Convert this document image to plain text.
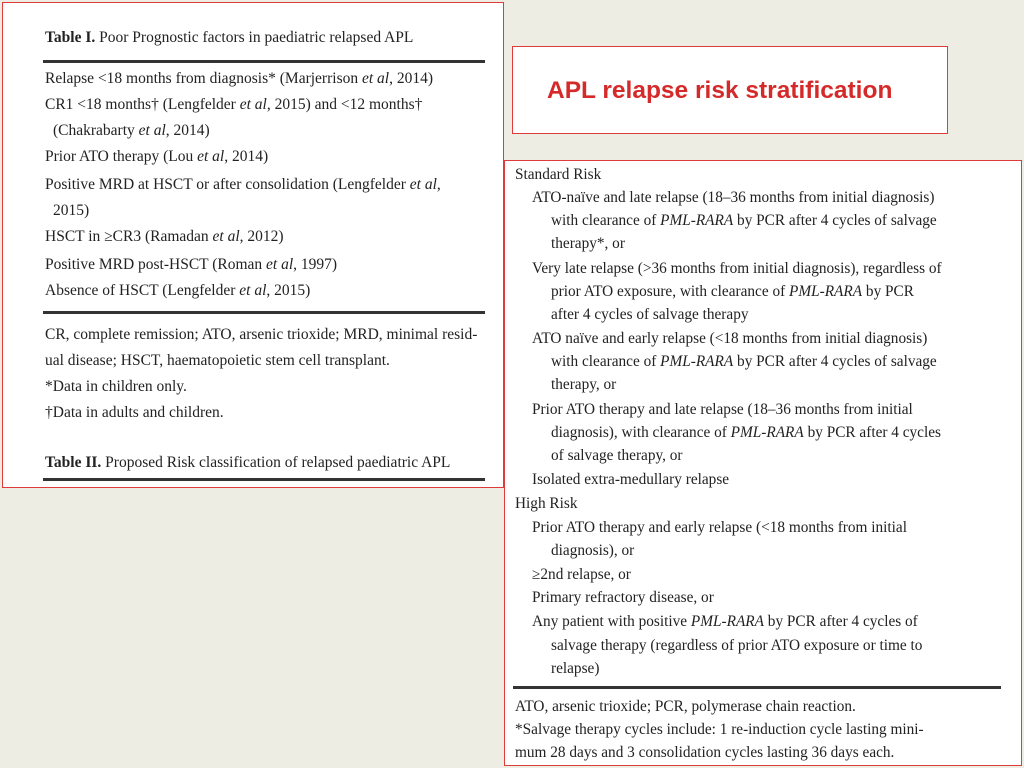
Table I. Poor Prognostic factors in paediatric relapsed APL
Relapse <18 months from diagnosis* (Marjerrison et al, 2014)
CR1 <18 months† (Lengfelder et al, 2015) and <12 months†
(Chakrabarty et al, 2014)
Prior ATO therapy (Lou et al, 2014)
Positive MRD at HSCT or after consolidation (Lengfelder et al,
2015)
HSCT in ≥CR3 (Ramadan et al, 2012)
Positive MRD post-HSCT (Roman et al, 1997)
Absence of HSCT (Lengfelder et al, 2015)
CR, complete remission; ATO, arsenic trioxide; MRD, minimal resid-
ual disease; HSCT, haematopoietic stem cell transplant.
*Data in children only.
†Data in adults and children.
Table II. Proposed Risk classification of relapsed paediatric APL
APL relapse risk stratification
Standard Risk
ATO-naïve and late relapse (18–36 months from initial diagnosis)
with clearance of PML-RARA by PCR after 4 cycles of salvage
therapy*, or
Very late relapse (>36 months from initial diagnosis), regardless of
prior ATO exposure, with clearance of PML-RARA by PCR
after 4 cycles of salvage therapy
ATO naïve and early relapse (<18 months from initial diagnosis)
with clearance of PML-RARA by PCR after 4 cycles of salvage
therapy, or
Prior ATO therapy and late relapse (18–36 months from initial
diagnosis), with clearance of PML-RARA by PCR after 4 cycles
of salvage therapy, or
Isolated extra-medullary relapse
High Risk
Prior ATO therapy and early relapse (<18 months from initial
diagnosis), or
≥2nd relapse, or
Primary refractory disease, or
Any patient with positive PML-RARA by PCR after 4 cycles of
salvage therapy (regardless of prior ATO exposure or time to
relapse)
ATO, arsenic trioxide; PCR, polymerase chain reaction.
*Salvage therapy cycles include: 1 re-induction cycle lasting mini-
mum 28 days and 3 consolidation cycles lasting 36 days each.
